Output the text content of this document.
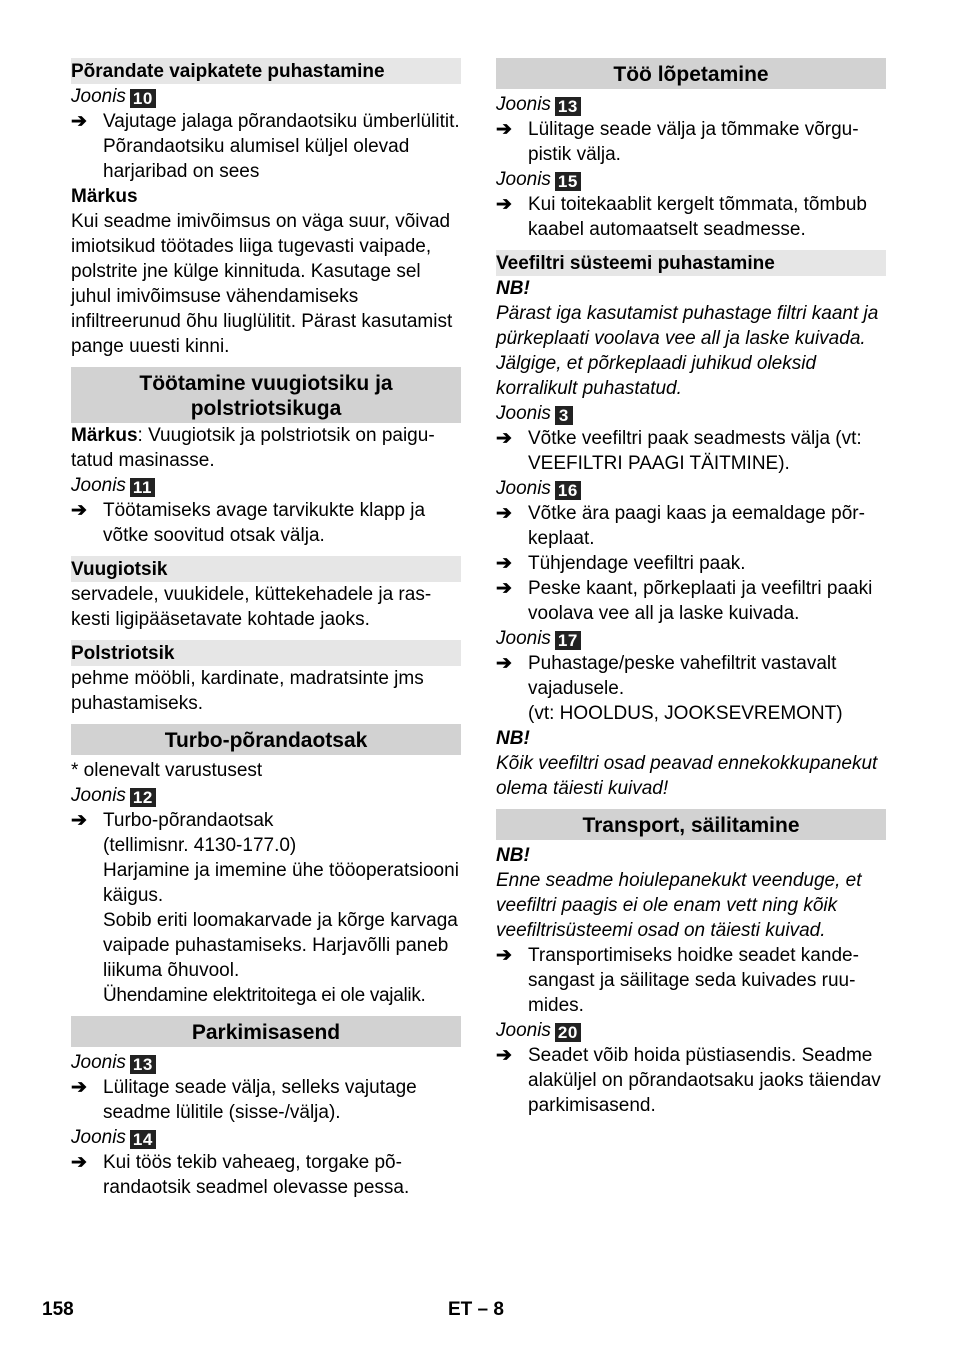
Põrandate vaipkatete puhastamine
Joonis 10
➔ Vajutage jalaga põrandaotsiku ümberlülitit. Põrandaotsiku alumisel küljel olevad harjaribad on sees
Märkus
Kui seadme imivõimsus on väga suur, võivad imiotsikud töötades liiga tugevasti vaipade, polstrite jne külge kinnituda. Kasutage sel juhul imivõimsuse vähendamiseks infiltreerunud õhu liuglülitit. Pärast kasutamist pange uuesti kinni.
Töötamine vuugiotsiku ja polstriotsikuga
Märkus: Vuugiotsik ja polstriotsik on paigutatud masinasse.
Joonis 11
➔ Töötamiseks avage tarvikukte klapp ja võtke soovitud otsak välja.
Vuugiotsik
servadele, vuukidele, küttekehadele ja raskesti ligipääsetavate kohtade jaoks.
Polstriotsik
pehme mööbli, kardinate, madratsinte jms puhastamiseks.
Turbo-põrandaotsak
* olenevalt varustusest
Joonis 12
➔ Turbo-põrandaotsak
(tellimisnr. 4130-177.0)
Harjamine ja imemine ühe tööoperatsiooni käigus.
Sobib eriti loomakarvade ja kõrge karvaga vaipade puhastamiseks. Harjavõlli paneb liikuma õhuvool.
Ühendamine elektritoitega ei ole vajalik.
Parkimisasend
Joonis 13
➔ Lülitage seade välja, selleks vajutage seadme lülitile (sisse-/välja).
Joonis 14
➔ Kui töös tekib vaheaeg, torgake põrandaotsik seadmel olevasse pessa.
Töö lõpetamine
Joonis 13
➔ Lülitage seade välja ja tõmmake võrgupistik välja.
Joonis 15
➔ Kui toitekaablit kergelt tõmmata, tõmbub kaabel automaatselt seadmesse.
Veefiltri süsteemi puhastamine
NB!
Pärast iga kasutamist puhastage filtri kaant ja pürkeplaati voolava vee all ja laske kuivada. Jälgige, et põrkeplaadi juhikud oleksid korralikult puhastatud.
Joonis 3
➔ Võtke veefiltri paak seadmests välja (vt: VEEFILTRI PAAGI TÄITMINE).
Joonis 16
➔ Võtke ära paagi kaas ja eemaldage põrkeplaat.
➔ Tühjendage veefiltri paak.
➔ Peske kaant, põrkeplaati ja veefiltri paaki voolava vee all ja laske kuivada.
Joonis 17
➔ Puhastage/peske vahefiltrit vastavalt vajadusele.
(vt: HOOLDUS, JOOKSEVREMONT)
NB!
Kõik veefiltri osad peavad ennekokkupanekut olema täiesti kuivad!
Transport, säilitamine
NB!
Enne seadme hoiulepanekukt veenduge, et veefiltri paagis ei ole enam vett ning kõik veefiltrisüsteemi osad on täiesti kuivad.
➔ Transportimiseks hoidke seadet kandesangast ja säilitage seda kuivades ruumides.
Joonis 20
➔ Seadet võib hoida püstiasendis. Seadme alaküljel on põrandaotsaku jaoks täiendav parkimisasend.
158	ET – 8
